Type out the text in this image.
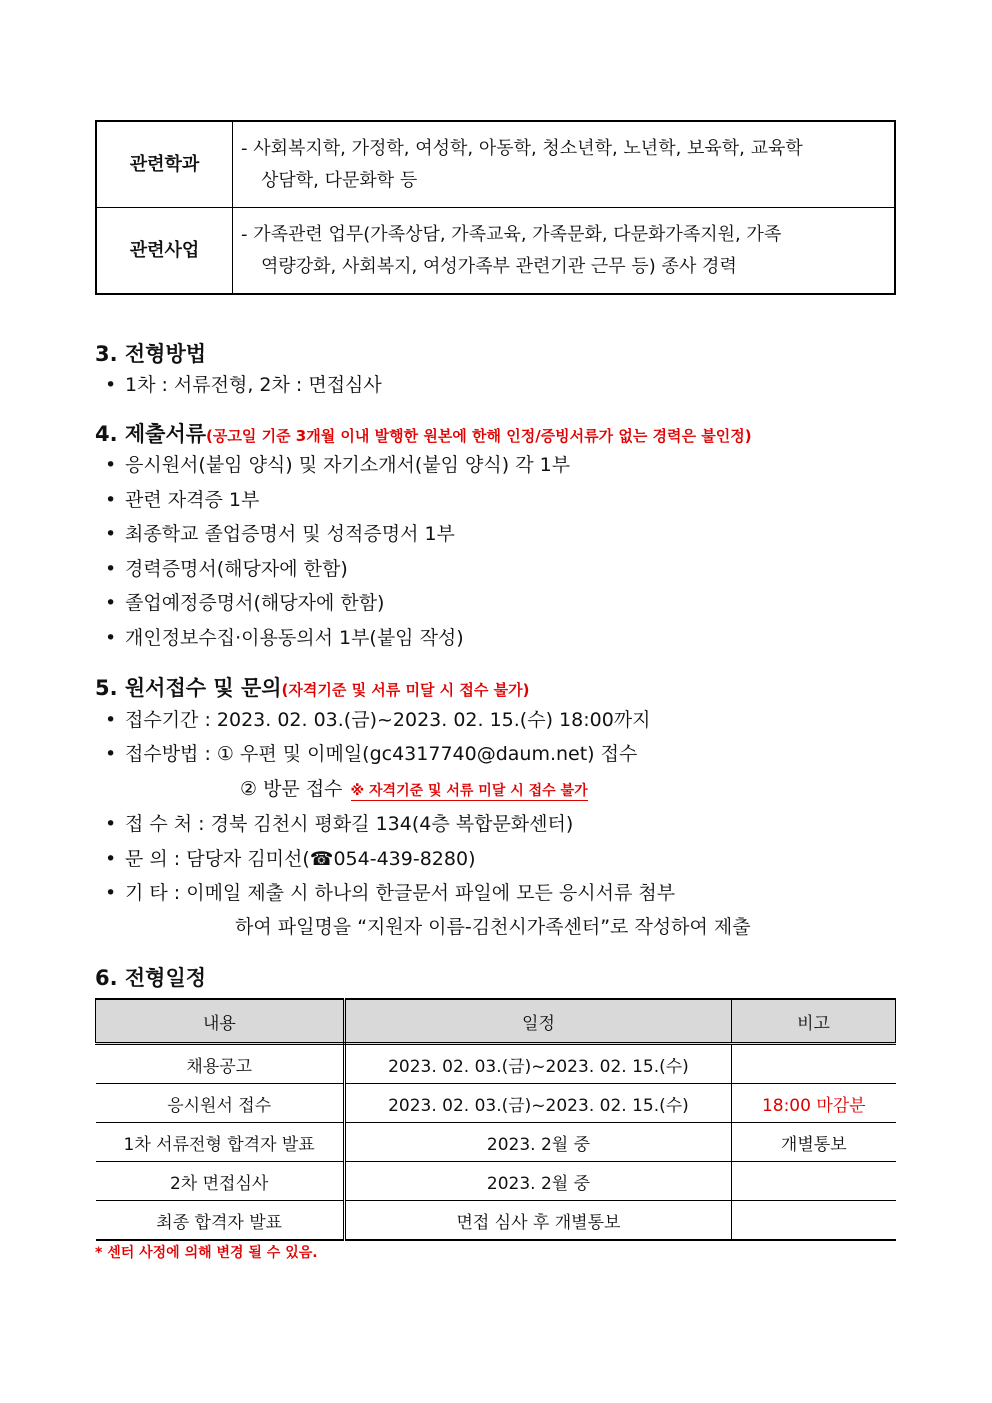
관련학과	- 사회복지학, 가정학, 여성학, 아동학, 청소년학, 노년학, 보육학, 교육학
상담학, 다문화학 등

관련사업	- 가족관련 업무(가족상담, 가족교육, 가족문화, 다문화가족지원, 가족
역량강화, 사회복지, 여성가족부 관련기관 근무 등) 종사 경력
3. 전형방법
• 1차 : 서류전형, 2차 : 면접심사
4. 제출서류(공고일 기준 3개월 이내 발행한 원본에 한해 인정/증빙서류가 없는 경력은 불인정)
• 응시원서(붙임 양식) 및 자기소개서(붙임 양식) 각 1부
• 관련 자격증 1부
• 최종학교 졸업증명서 및 성적증명서 1부
• 경력증명서(해당자에 한함)
• 졸업예정증명서(해당자에 한함)
• 개인정보수집·이용동의서 1부(붙임 작성)
5. 원서접수 및 문의(자격기준 및 서류 미달 시 접수 불가)
• 접수기간 : 2023. 02. 03.(금)~2023. 02. 15.(수) 18:00까지
• 접수방법 : ① 우편 및 이메일(gc4317740@daum.net) 접수
② 방문 접수 ※ 자격기준 및 서류 미달 시 접수 불가
• 접 수 처 : 경북 김천시 평화길 134(4층 복합문화센터)
• 문 의 : 담당자 김미선(☎054-439-8280)
• 기 타 : 이메일 제출 시 하나의 한글문서 파일에 모든 응시서류 첨부
하여 파일명을 “지원자 이름-김천시가족센터”로 작성하여 제출
6. 전형일정
내용	일정	비고
채용공고	2023. 02. 03.(금)~2023. 02. 15.(수)	
응시원서 접수	2023. 02. 03.(금)~2023. 02. 15.(수)	18:00 마감분
1차 서류전형 합격자 발표	2023. 2월 중	개별통보
2차 면접심사	2023. 2월 중	
최종 합격자 발표	면접 심사 후 개별통보	
* 센터 사정에 의해 변경 될 수 있음.
